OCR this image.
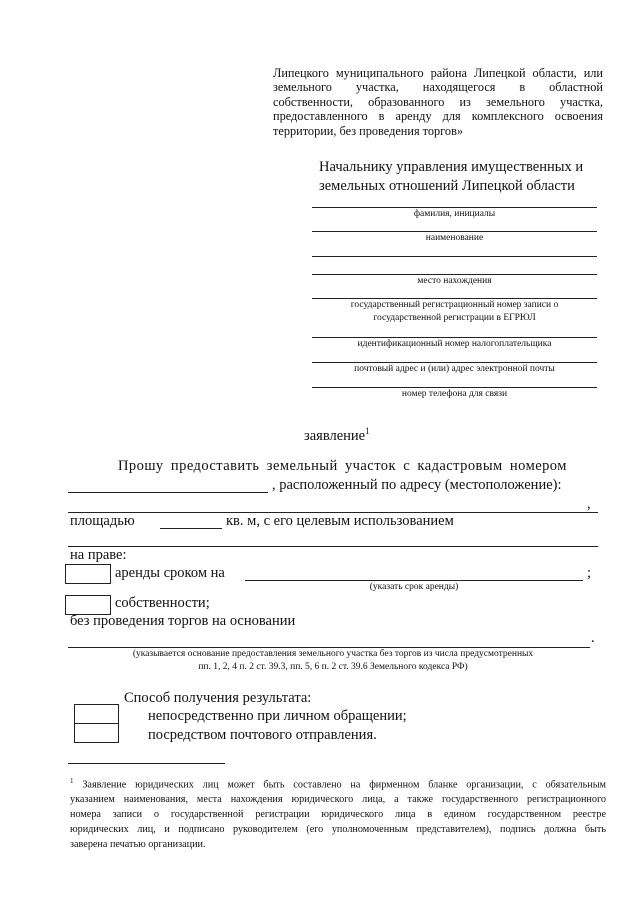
Липецкого муниципального района Липецкой области, или
земельного участка, находящегося в областной
собственности, образованного из земельного участка,
предоставленного в аренду для комплексного освоения
территории, без проведения торгов»
Начальнику управления имущественных и
земельных отношений Липецкой области
фамилия, инициалы
наименование
место нахождения
государственный регистрационный номер записи о
государственной регистрации в ЕГРЮЛ
идентификационный номер налогоплательщика
почтовый адрес и (или) адрес электронной почты
номер телефона для связи
заявление$^1$
Прошу предоставить земельный участок с кадастровым номером
, расположенный по адресу (местоположение):
,
площадью	кв. м, с его целевым использованием
на праве:
аренды сроком на	;
(указать срок аренды)
собственности;
без проведения торгов на основании
.
(указывается основание предоставления земельного участка без торгов из числа предусмотренных
пп. 1, 2, 4 п. 2 ст. 39.3, пп. 5, 6 п. 2 ст. 39.6 Земельного кодекса РФ)
Способ получения результата:
непосредственно при личном обращении;
посредством почтового отправления.
$^1$ Заявление юридических лиц может быть составлено на фирменном бланке организации, с обязательным
указанием наименования, места нахождения юридического лица, а также государственного регистрационного
номера записи о государственной регистрации юридического лица в едином государственном реестре
юридических лиц, и подписано руководителем (его уполномоченным представителем), подпись должна быть
заверена печатью организации.
